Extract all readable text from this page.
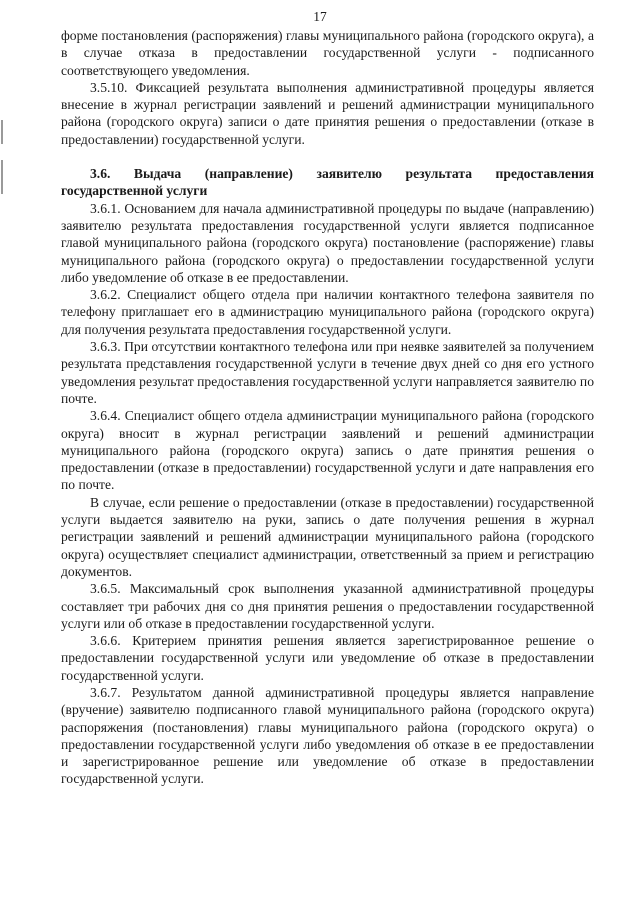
17

форме постановления (распоряжения) главы муниципального района (городского округа), а в случае отказа в предоставлении государственной услуги - подписанного соответствующего уведомления.

3.5.10. Фиксацией результата выполнения административной процедуры является внесение в журнал регистрации заявлений и решений администрации муниципального района (городского округа) записи о дате принятия решения о предоставлении (отказе в предоставлении) государственной услуги.

3.6. Выдача (направление) заявителю результата предоставления государственной услуги

3.6.1. Основанием для начала административной процедуры по выдаче (направлению) заявителю результата предоставления государственной услуги является подписанное главой муниципального района (городского округа) постановление (распоряжение) главы муниципального района (городского округа) о предоставлении государственной услуги либо уведомление об отказе в ее предоставлении.

3.6.2. Специалист общего отдела при наличии контактного телефона заявителя по телефону приглашает его в администрацию муниципального района (городского округа) для получения результата предоставления государственной услуги.

3.6.3. При отсутствии контактного телефона или при неявке заявителей за получением результата представления государственной услуги в течение двух дней со дня его устного уведомления результат предоставления государственной услуги направляется заявителю по почте.

3.6.4. Специалист общего отдела администрации муниципального района (городского округа) вносит в журнал регистрации заявлений и решений администрации муниципального района (городского округа) запись о дате принятия решения о предоставлении (отказе в предоставлении) государственной услуги и дате направления его по почте.

В случае, если решение о предоставлении (отказе в предоставлении) государственной услуги выдается заявителю на руки, запись о дате получения решения в журнал регистрации заявлений и решений администрации муниципального района (городского округа) осуществляет специалист администрации, ответственный за прием и регистрацию документов.

3.6.5. Максимальный срок выполнения указанной административной процедуры составляет три рабочих дня со дня принятия решения о предоставлении государственной услуги или об отказе в предоставлении государственной услуги.

3.6.6. Критерием принятия решения является зарегистрированное решение о предоставлении государственной услуги или уведомление об отказе в предоставлении государственной услуги.

3.6.7. Результатом данной административной процедуры является направление (вручение) заявителю подписанного главой муниципального района (городского округа) распоряжения (постановления) главы муниципального района (городского округа) о предоставлении государственной услуги либо уведомления об отказе в ее предоставлении и зарегистрированное решение или уведомление об отказе в предоставлении государственной услуги.
